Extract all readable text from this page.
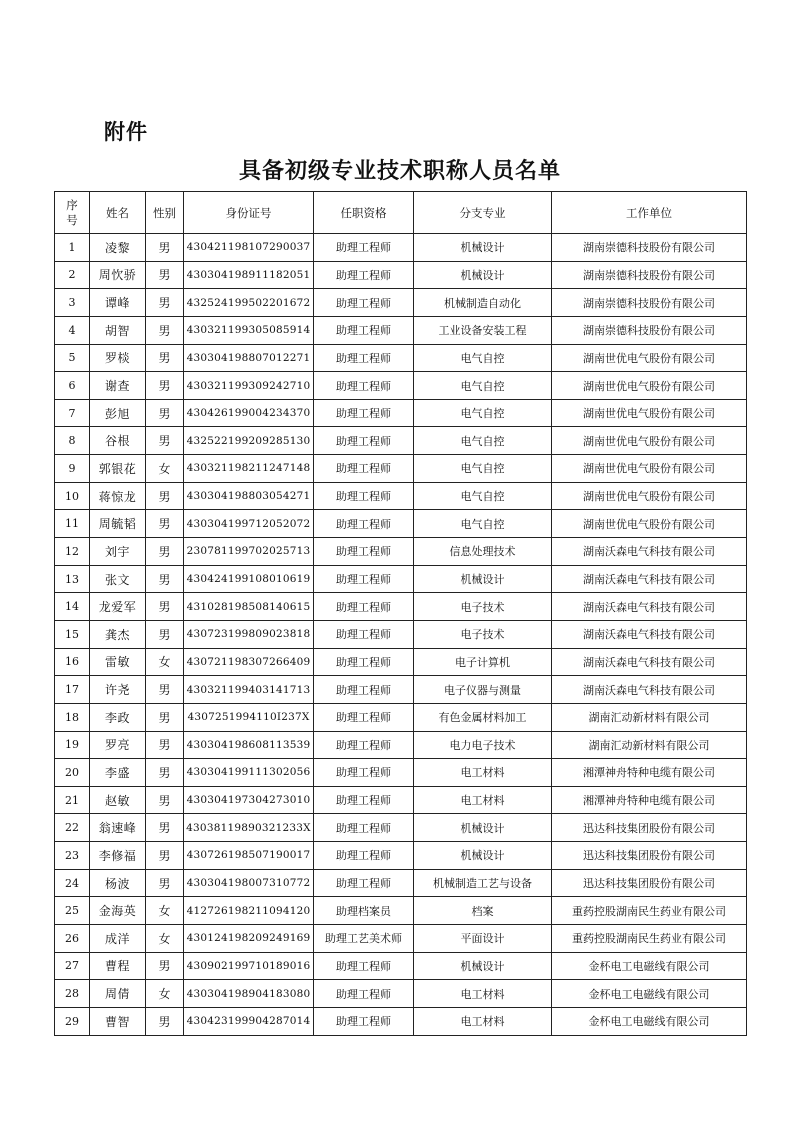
附件
具备初级专业技术职称人员名单
序号	姓名	性别	身份证号	任职资格	分支专业	工作单位
1	凌黎	男	430421198107290037	助理工程师	机械设计	湖南崇德科技股份有限公司
2	周忺骄	男	430304198911182051	助理工程师	机械设计	湖南崇德科技股份有限公司
3	谭峰	男	432524199502201672	助理工程师	机械制造自动化	湖南崇德科技股份有限公司
4	胡智	男	430321199305085914	助理工程师	工业设备安装工程	湖南崇德科技股份有限公司
5	罗棪	男	430304198807012271	助理工程师	电气自控	湖南世优电气股份有限公司
6	谢查	男	430321199309242710	助理工程师	电气自控	湖南世优电气股份有限公司
7	彭旭	男	430426199004234370	助理工程师	电气自控	湖南世优电气股份有限公司
8	谷根	男	432522199209285130	助理工程师	电气自控	湖南世优电气股份有限公司
9	郭银花	女	430321198211247148	助理工程师	电气自控	湖南世优电气股份有限公司
10	蒋惊龙	男	430304198803054271	助理工程师	电气自控	湖南世优电气股份有限公司
11	周毓韬	男	430304199712052072	助理工程师	电气自控	湖南世优电气股份有限公司
12	刘宇	男	230781199702025713	助理工程师	信息处理技术	湖南沃森电气科技有限公司
13	张文	男	430424199108010619	助理工程师	机械设计	湖南沃森电气科技有限公司
14	龙爱军	男	431028198508140615	助理工程师	电子技术	湖南沃森电气科技有限公司
15	龚杰	男	430723199809023818	助理工程师	电子技术	湖南沃森电气科技有限公司
16	雷敏	女	430721198307266409	助理工程师	电子计算机	湖南沃森电气科技有限公司
17	许尧	男	430321199403141713	助理工程师	电子仪器与测量	湖南沃森电气科技有限公司
18	李政	男	4307251994110I237X	助理工程师	有色金属材料加工	湖南汇动新材料有限公司
19	罗亮	男	430304198608113539	助理工程师	电力电子技术	湖南汇动新材料有限公司
20	李盛	男	430304199111302056	助理工程师	电工材料	湘潭神舟特种电缆有限公司
21	赵敏	男	430304197304273010	助理工程师	电工材料	湘潭神舟特种电缆有限公司
22	翁速峰	男	43038119890321233X	助理工程师	机械设计	迅达科技集团股份有限公司
23	李修福	男	430726198507190017	助理工程师	机械设计	迅达科技集团股份有限公司
24	杨波	男	430304198007310772	助理工程师	机械制造工艺与设备	迅达科技集团股份有限公司
25	金海英	女	412726198211094120	助理档案员	档案	重药控股湖南民生药业有限公司
26	成洋	女	430124198209249169	助理工艺美术师	平面设计	重药控股湖南民生药业有限公司
27	曹程	男	430902199710189016	助理工程师	机械设计	金杯电工电磁线有限公司
28	周倩	女	430304198904183080	助理工程师	电工材料	金杯电工电磁线有限公司
29	曹智	男	430423199904287014	助理工程师	电工材料	金杯电工电磁线有限公司
